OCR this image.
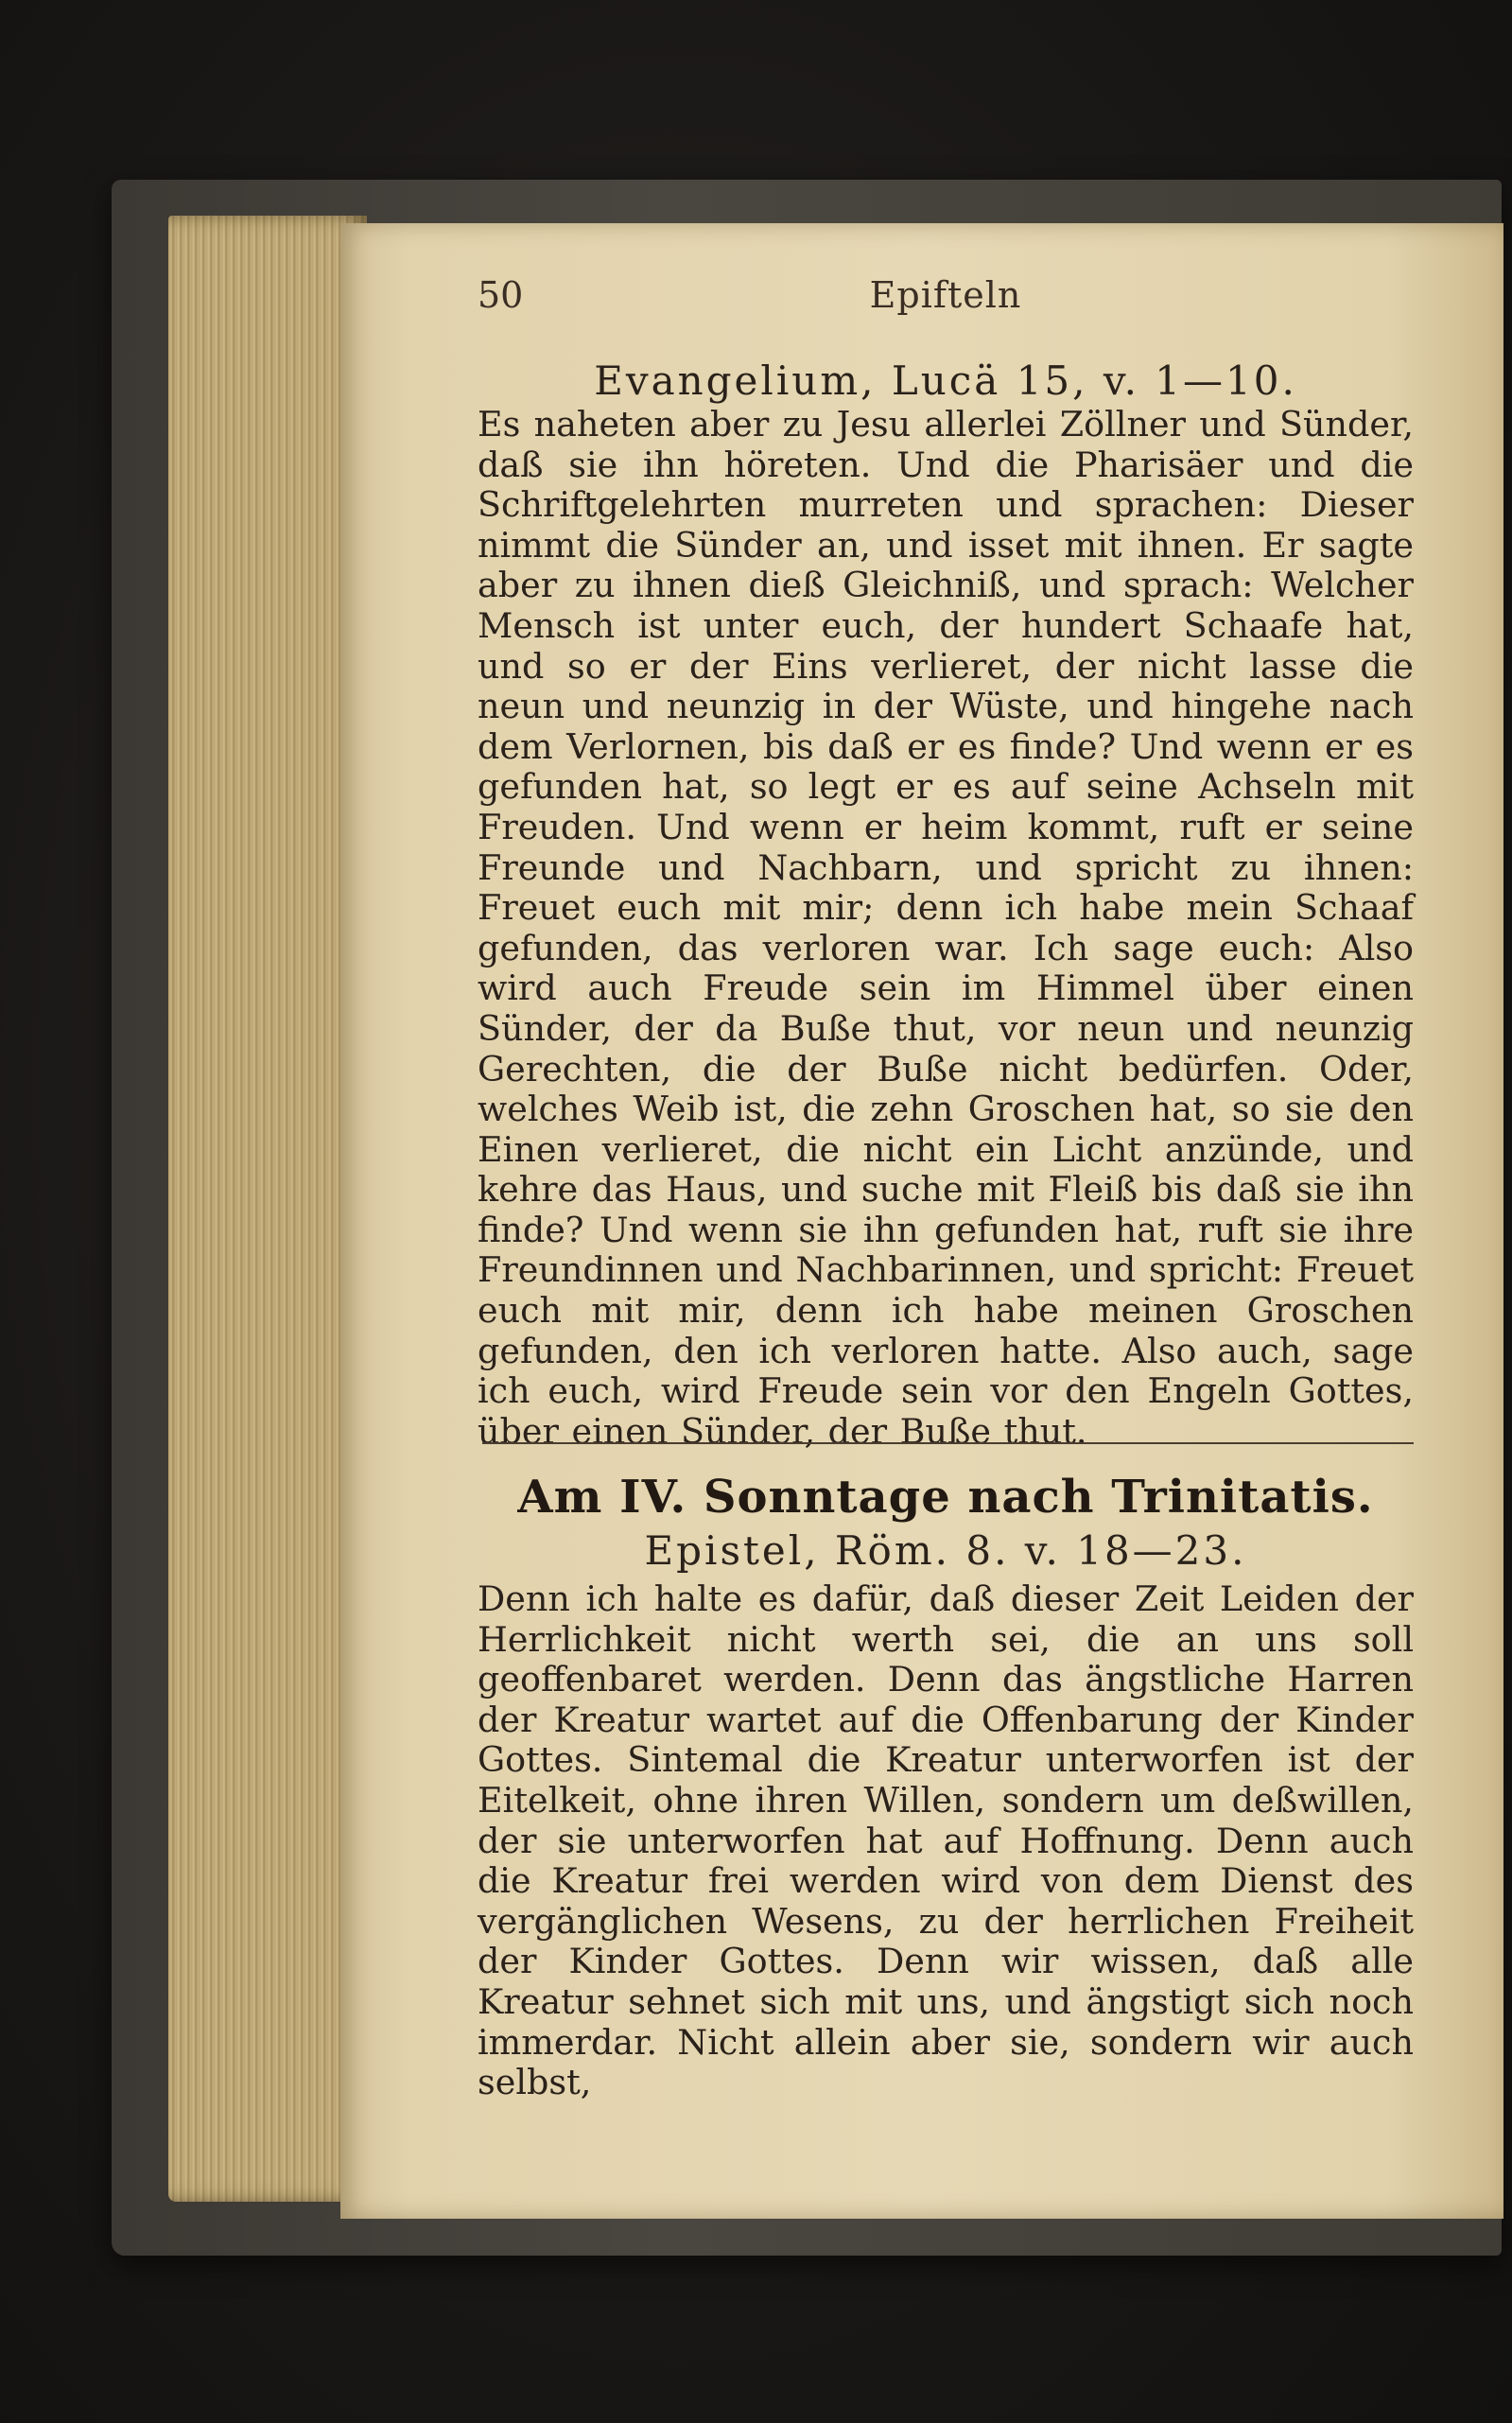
50	Epifteln
Evangelium, Lucä 15, v. 1—10.

Es naheten aber zu Jesu allerlei Zöllner und Sünder, daß sie ihn höreten. Und die Pharisäer und die Schriftgelehrten murreten und sprachen: Dieser nimmt die Sünder an, und isset mit ihnen. Er sagte aber zu ihnen dieß Gleichniß, und sprach: Welcher Mensch ist unter euch, der hundert Schaafe hat, und so er der Eins verlieret, der nicht lasse die neun und neunzig in der Wüste, und hingehe nach dem Verlornen, bis daß er es finde? Und wenn er es gefunden hat, so legt er es auf seine Achseln mit Freuden. Und wenn er heim kommt, ruft er seine Freunde und Nachbarn, und spricht zu ihnen: Freuet euch mit mir; denn ich habe mein Schaaf gefunden, das verloren war. Ich sage euch: Also wird auch Freude sein im Himmel über einen Sünder, der da Buße thut, vor neun und neunzig Gerechten, die der Buße nicht bedürfen. Oder, welches Weib ist, die zehn Groschen hat, so sie den Einen verlieret, die nicht ein Licht anzünde, und kehre das Haus, und suche mit Fleiß bis daß sie ihn finde? Und wenn sie ihn gefunden hat, ruft sie ihre Freundinnen und Nachbarinnen, und spricht: Freuet euch mit mir, denn ich habe meinen Groschen gefunden, den ich verloren hatte. Also auch, sage ich euch, wird Freude sein vor den Engeln Gottes, über einen Sünder, der Buße thut.

Am IV. Sonntage nach Trinitatis.
Epistel, Röm. 8. v. 18—23.

Denn ich halte es dafür, daß dieser Zeit Leiden der Herrlichkeit nicht werth sei, die an uns soll geoffenbaret werden. Denn das ängstliche Harren der Kreatur wartet auf die Offenbarung der Kinder Gottes. Sintemal die Kreatur unterworfen ist der Eitelkeit, ohne ihren Willen, sondern um deßwillen, der sie unterworfen hat auf Hoffnung. Denn auch die Kreatur frei werden wird von dem Dienst des vergänglichen Wesens, zu der herrlichen Freiheit der Kinder Gottes. Denn wir wissen, daß alle Kreatur sehnet sich mit uns, und ängstigt sich noch immerdar. Nicht allein aber sie, sondern wir auch selbst,
